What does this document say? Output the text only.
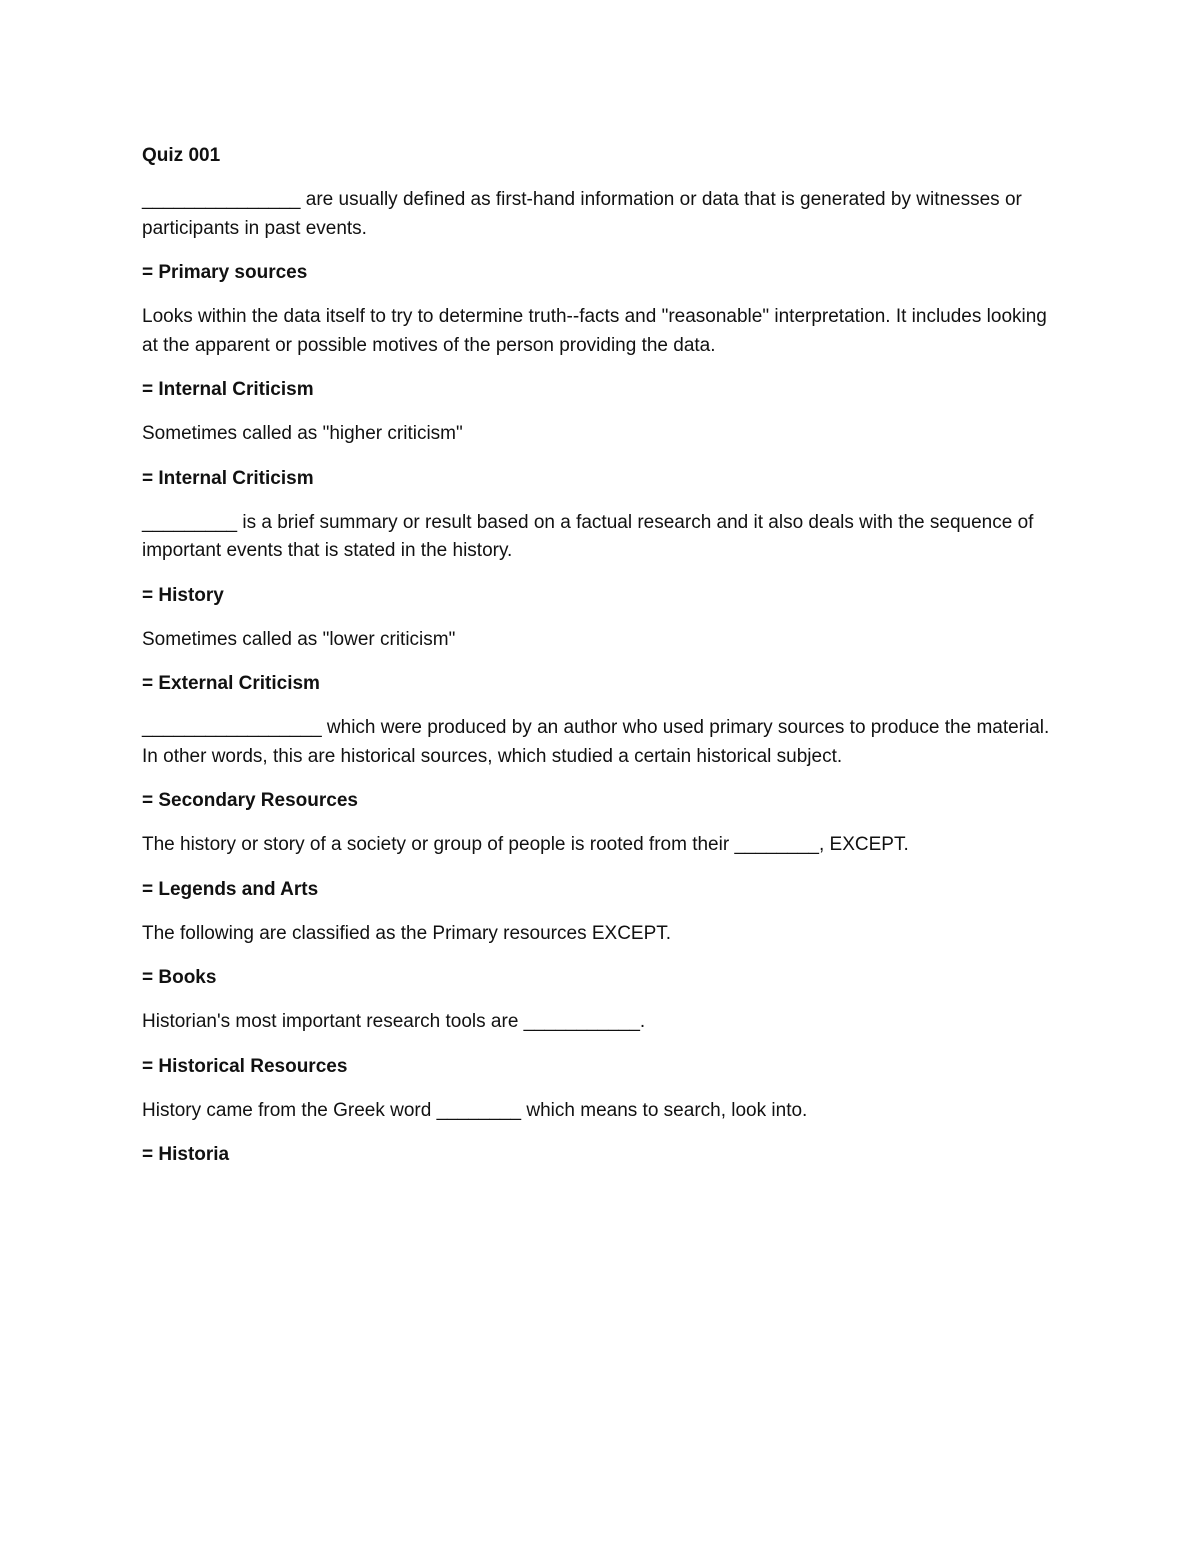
Quiz 001
_______________ are usually defined as first-hand information or data that is generated by witnesses or participants in past events.
= Primary sources
Looks within the data itself to try to determine truth--facts and "reasonable" interpretation. It includes looking at the apparent or possible motives of the person providing the data.
= Internal Criticism
Sometimes called as "higher criticism"
= Internal Criticism
_________ is a brief summary or result based on a factual research and it also deals with the sequence of important events that is stated in the history.
= History
Sometimes called as "lower criticism"
= External Criticism
_________________ which were produced by an author who used primary sources to produce the material. In other words, this are historical sources, which studied a certain historical subject.
= Secondary Resources
The history or story of a society or group of people is rooted from their ________, EXCEPT.
= Legends and Arts
The following are classified as the Primary resources EXCEPT.
= Books
Historian's most important research tools are ___________.
= Historical Resources
History came from the Greek word ________ which means to search, look into.
= Historia
